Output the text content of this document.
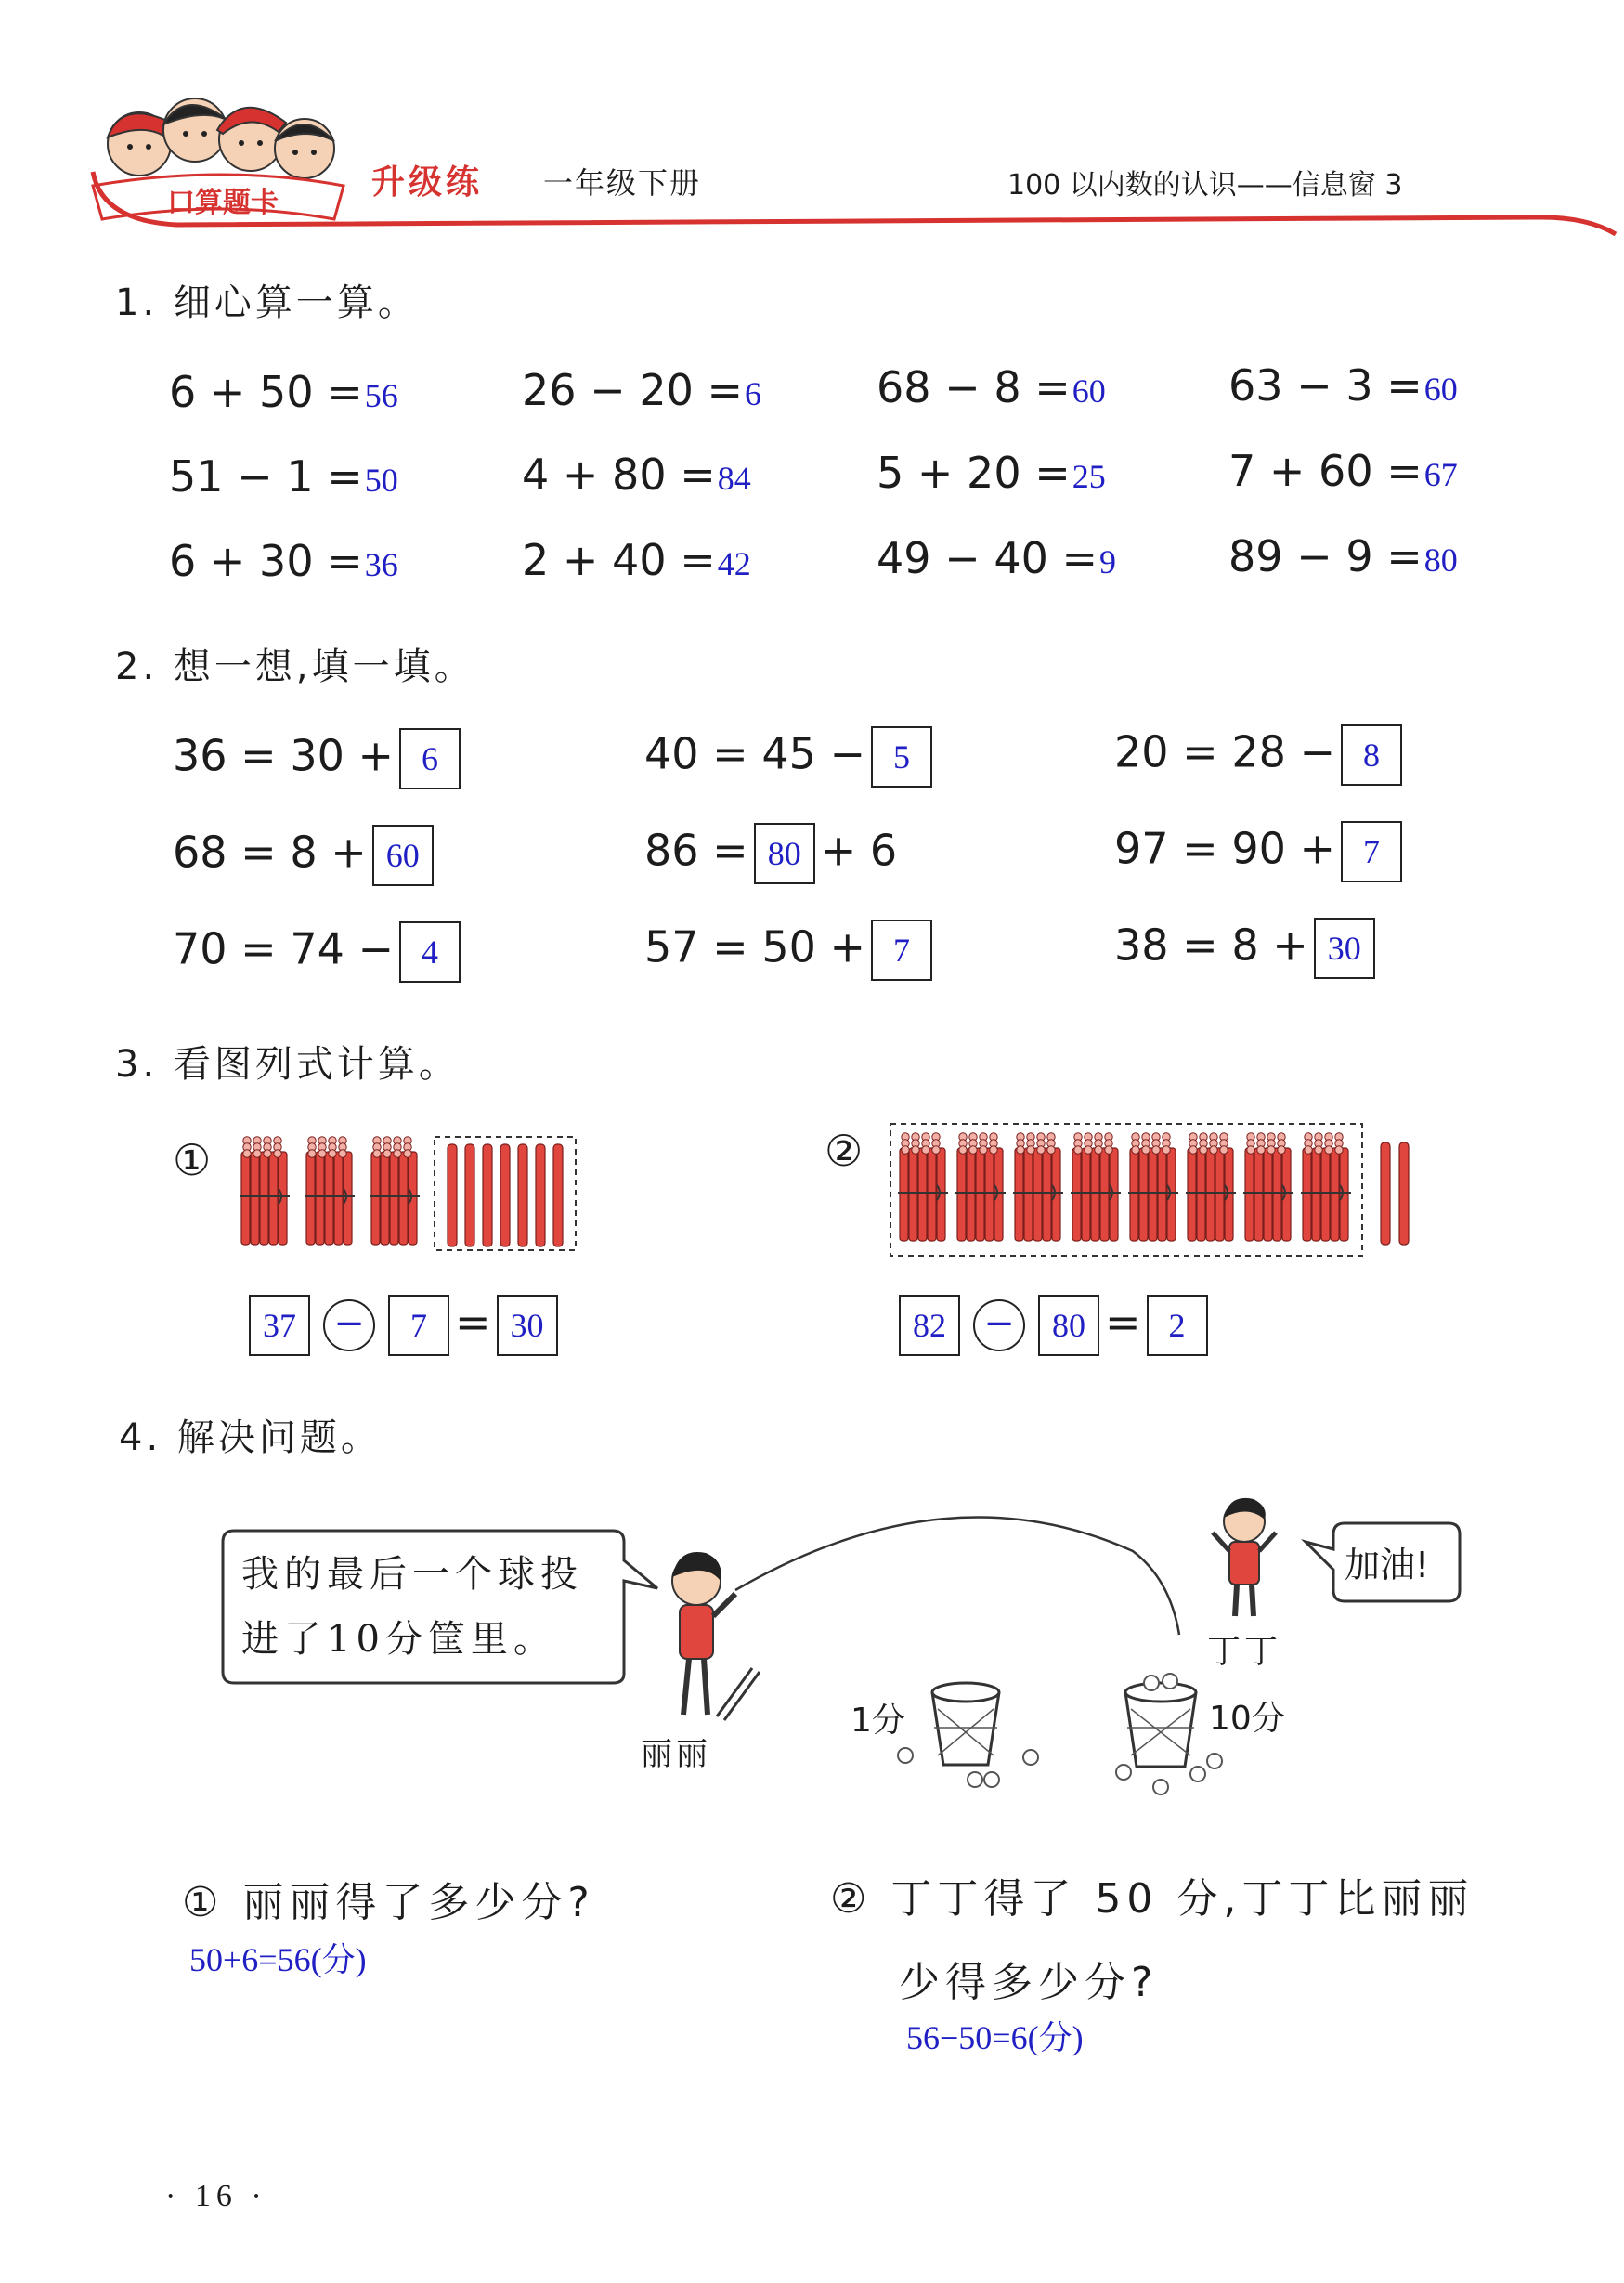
口算题卡
升级练 一年级下册	100 以内数的认识——信息窗 3
1. 细心算一算。
6 + 50 =56	26 − 20 =6	68 − 8 =60	63 − 3 =60
51 − 1 =50	4 + 80 =84	5 + 20 =25	7 + 60 =67
6 + 30 =36	2 + 40 =42	49 − 40 =9	89 − 9 =80
2. 想一想,填一填。
36 = 30 + 6	40 = 45 − 5	20 = 28 − 8
68 = 8 + 60	86 = 80 + 6	97 = 90 + 7
70 = 74 − 4	57 = 50 + 7	38 = 8 + 30
3. 看图列式计算。
①
37 − 7 = 30
②
82 − 80 = 2
4. 解决问题。
我的最后一个球投
进了10分筐里。
丽丽
1分	10分
丁丁
加油!
① 丽丽得了多少分?
50+6=56(分)
② 丁丁得了 50 分,丁丁比丽丽
少得多少分?
56−50=6(分)
· 16 ·
